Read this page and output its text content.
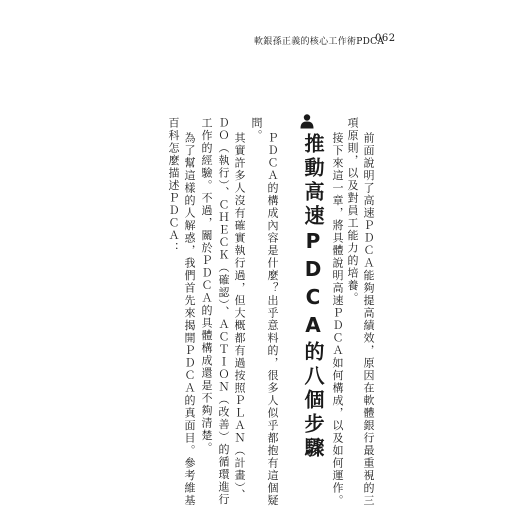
軟銀孫正義的核心工作術PDCA
062
前面說明了高速ＰＤＣＡ能夠提高績效，原因在軟體銀行最重視的三
項原則，以及對員工能力的培養。
接下來這一章，將具體說明高速ＰＤＣＡ如何構成，以及如何運作。
推動高速PDCA的八個步驟
ＰＤＣＡ的構成內容是什麼？出乎意料的，很多人似乎都抱有這個疑
問。
其實許多人沒有確實執行過，但大概都有過按照ＰＬＡＮ（計畫）、
ＤＯ（執行）、ＣＨＥＣＫ（確認）、ＡＣＴＩＯＮ（改善）的循環進行
工作的經驗。不過，關於ＰＤＣＡ的具體構成還是不夠清楚。
為了幫這樣的人解惑，我們首先來揭開ＰＤＣＡ的真面目。參考維基
百科怎麼描述ＰＤＣＡ：
